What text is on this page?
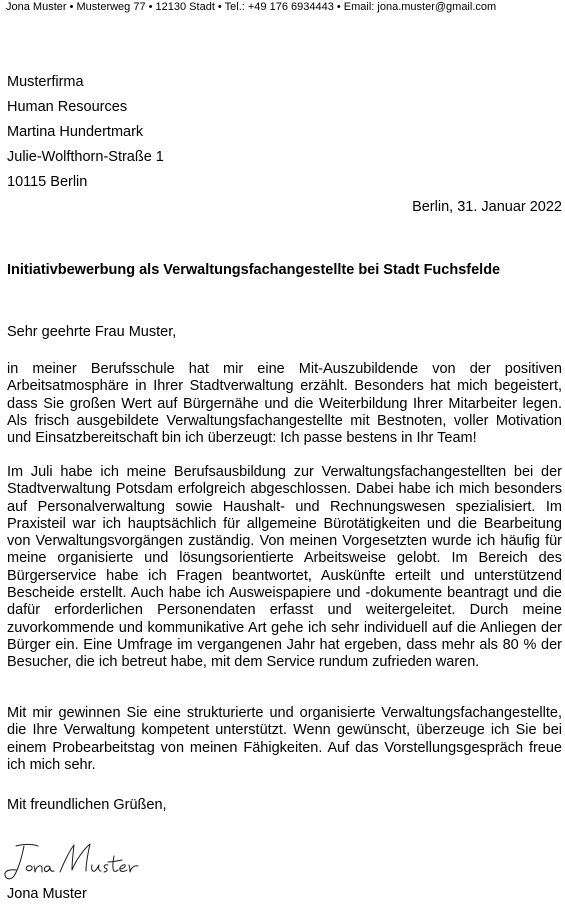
Jona Muster • Musterweg 77 • 12130 Stadt • Tel.: +49 176 6934443 • Email: jona.muster@gmail.com
Musterfirma
Human Resources
Martina Hundertmark
Julie-Wolfthorn-Straße 1
10115 Berlin
Berlin, 31. Januar 2022
Initiativbewerbung als Verwaltungsfachangestellte bei Stadt Fuchsfelde
Sehr geehrte Frau Muster,
in meiner Berufsschule hat mir eine Mit-Auszubildende von der positiven Arbeitsatmosphäre in Ihrer Stadtverwaltung erzählt. Besonders hat mich begeistert, dass Sie großen Wert auf Bürgernähe und die Weiterbildung Ihrer Mitarbeiter legen. Als frisch ausgebildete Verwaltungsfachangestellte mit Bestnoten, voller Motivation und Einsatzbereitschaft bin ich überzeugt: Ich passe bestens in Ihr Team!
Im Juli habe ich meine Berufsausbildung zur Verwaltungsfachangestellten bei der Stadtverwaltung Potsdam erfolgreich abgeschlossen. Dabei habe ich mich besonders auf Personalverwaltung sowie Haushalt- und Rechnungswesen spezialisiert. Im Praxisteil war ich hauptsächlich für allgemeine Bürotätigkeiten und die Bearbeitung von Verwaltungsvorgängen zuständig. Von meinen Vorgesetzten wurde ich häufig für meine organisierte und lösungsorientierte Arbeitsweise gelobt. Im Bereich des Bürgerservice habe ich Fragen beantwortet, Auskünfte erteilt und unterstützend Bescheide erstellt. Auch habe ich Ausweispapiere und -dokumente beantragt und die dafür erforderlichen Personendaten erfasst und weitergeleitet. Durch meine zuvorkommende und kommunikative Art gehe ich sehr individuell auf die Anliegen der Bürger ein. Eine Umfrage im vergangenen Jahr hat ergeben, dass mehr als 80 % der Besucher, die ich betreut habe, mit dem Service rundum zufrieden waren.
Mit mir gewinnen Sie eine strukturierte und organisierte Verwaltungsfachangestellte, die Ihre Verwaltung kompetent unterstützt. Wenn gewünscht, überzeuge ich Sie bei einem Probearbeitstag von meinen Fähigkeiten. Auf das Vorstellungsgespräch freue ich mich sehr.
Mit freundlichen Grüßen,
Jona Muster
